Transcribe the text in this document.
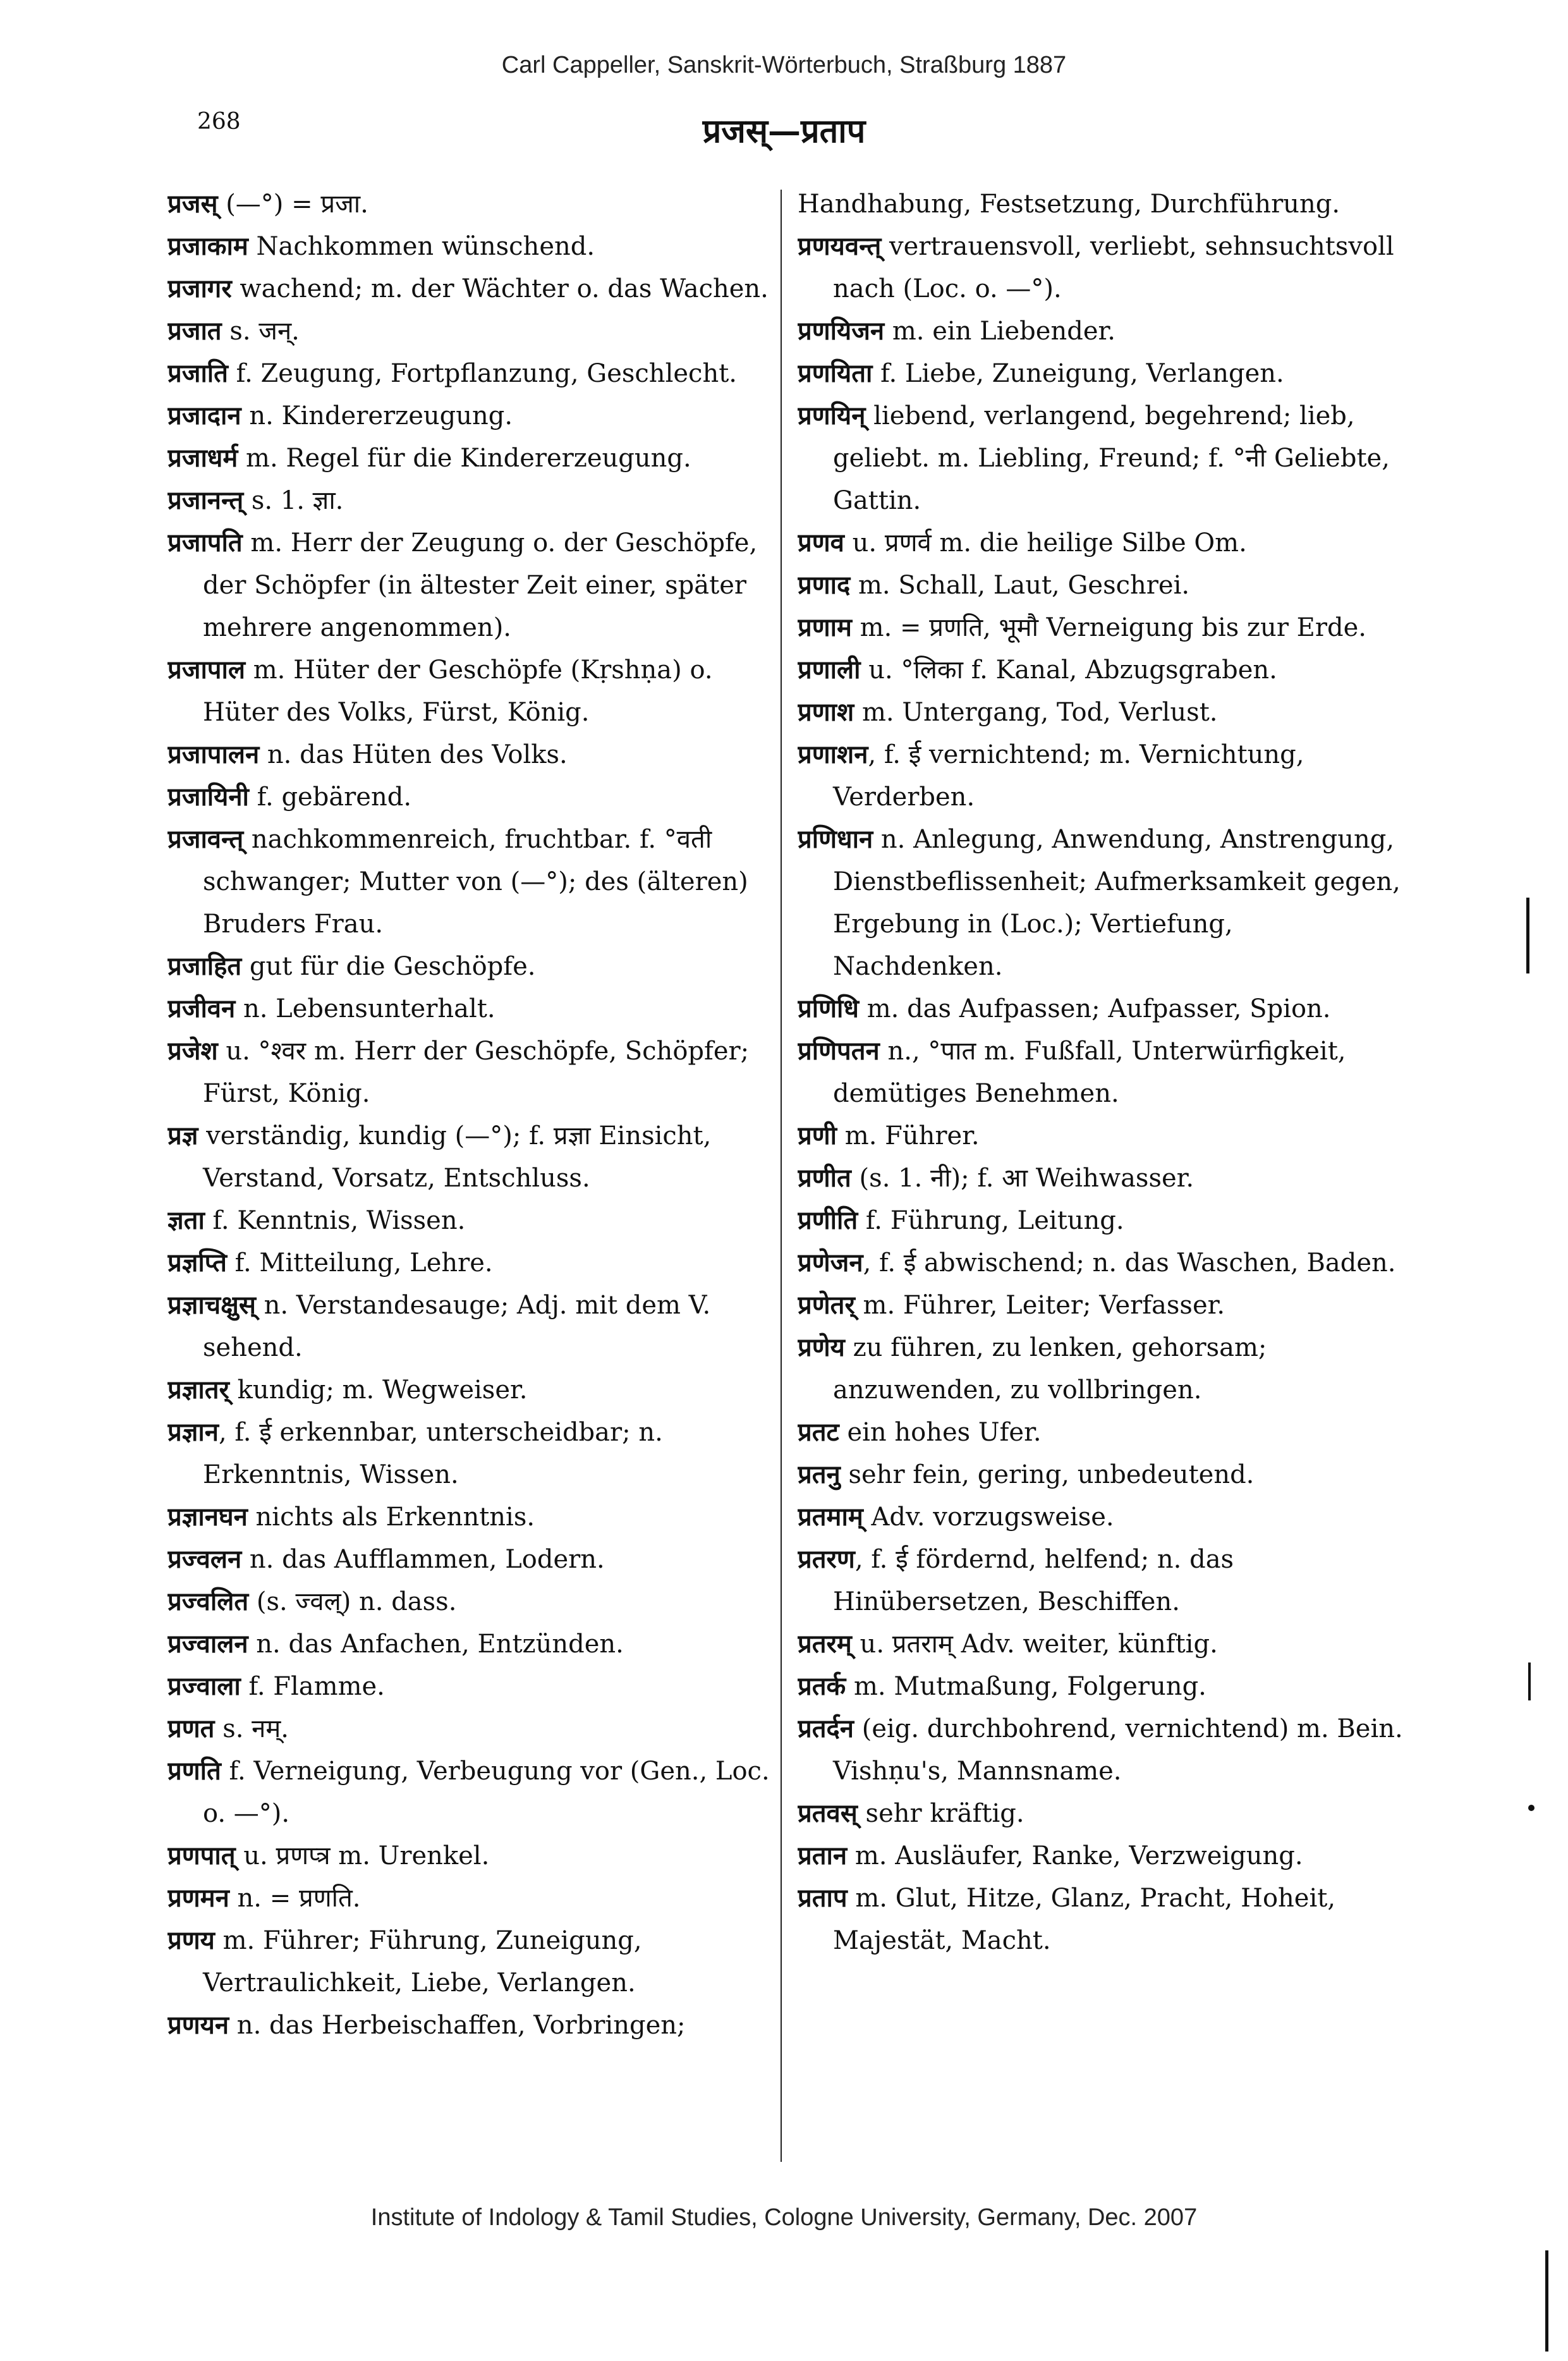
Carl Cappeller, Sanskrit-Wörterbuch, Straßburg 1887
268	प्रजस्—प्रताप

प्रजस् (—°) = प्रजा.

प्रजाकाम Nachkommen wünschend.

प्रजागर wachend; m. der Wächter o. das Wachen.

प्रजात s. जन्.

प्रजाति f. Zeugung, Fortpflanzung, Geschlecht.

प्रजादान n. Kindererzeugung.

प्रजाधर्म m. Regel für die Kindererzeugung.

प्रजानन्त् s. 1. ज्ञा.

प्रजापति m. Herr der Zeugung o. der Geschöpfe, der Schöpfer (in ältester Zeit einer, später mehrere angenommen).

प्रजापाल m. Hüter der Geschöpfe (Kṛshṇa) o. Hüter des Volks, Fürst, König.

प्रजापालन n. das Hüten des Volks.

प्रजायिनी f. gebärend.

प्रजावन्त् nachkommenreich, fruchtbar. f. °वती schwanger; Mutter von (—°); des (älteren) Bruders Frau.

प्रजाहित gut für die Geschöpfe.

प्रजीवन n. Lebensunterhalt.

प्रजेश u. °श्वर m. Herr der Geschöpfe, Schöpfer; Fürst, König.

प्रज्ञ verständig, kundig (—°); f. प्रज्ञा Einsicht, Verstand, Vorsatz, Entschluss.

ज्ञता f. Kenntnis, Wissen.

प्रज्ञप्ति f. Mitteilung, Lehre.

प्रज्ञाचक्षुस् n. Verstandesauge; Adj. mit dem V. sehend.

प्रज्ञातर् kundig; m. Wegweiser.

प्रज्ञान, f. ई erkennbar, unterscheidbar; n. Erkenntnis, Wissen.

प्रज्ञानघन nichts als Erkenntnis.

प्रज्वलन n. das Aufflammen, Lodern.

प्रज्वलित (s. ज्वल्) n. dass.

प्रज्वालन n. das Anfachen, Entzünden.

प्रज्वाला f. Flamme.

प्रणत s. नम्.

प्रणति f. Verneigung, Verbeugung vor (Gen., Loc. o. —°).

प्रणपात् u. प्रणप्त्र m. Urenkel.

प्रणमन n. = प्रणति.

प्रणय m. Führer; Führung, Zuneigung, Vertraulichkeit, Liebe, Verlangen.

प्रणयन n. das Herbeischaffen, Vorbringen;

Handhabung, Festsetzung, Durchführung.

प्रणयवन्त् vertrauensvoll, verliebt, sehnsuchtsvoll nach (Loc. o. —°).

प्रणयिजन m. ein Liebender.

प्रणयिता f. Liebe, Zuneigung, Verlangen.

प्रणयिन् liebend, verlangend, begehrend; lieb, geliebt. m. Liebling, Freund; f. °नी Geliebte, Gattin.

प्रणव u. प्रणर्व m. die heilige Silbe Om.

प्रणाद m. Schall, Laut, Geschrei.

प्रणाम m. = प्रणति, भूमौ Verneigung bis zur Erde.

प्रणाली u. °लिका f. Kanal, Abzugsgraben.

प्रणाश m. Untergang, Tod, Verlust.

प्रणाशन, f. ई vernichtend; m. Vernichtung, Verderben.

प्रणिधान n. Anlegung, Anwendung, Anstrengung, Dienstbeflissenheit; Aufmerksamkeit gegen, Ergebung in (Loc.); Vertiefung, Nachdenken.

प्रणिधि m. das Aufpassen; Aufpasser, Spion.

प्रणिपतन n., °पात m. Fußfall, Unterwürfigkeit, demütiges Benehmen.

प्रणी m. Führer.

प्रणीत (s. 1. नी); f. आ Weihwasser.

प्रणीति f. Führung, Leitung.

प्रणेजन, f. ई abwischend; n. das Waschen, Baden.

प्रणेतर् m. Führer, Leiter; Verfasser.

प्रणेय zu führen, zu lenken, gehorsam; anzuwenden, zu vollbringen.

प्रतट ein hohes Ufer.

प्रतनु sehr fein, gering, unbedeutend.

प्रतमाम् Adv. vorzugsweise.

प्रतरण, f. ई fördernd, helfend; n. das Hinübersetzen, Beschiffen.

प्रतरम् u. प्रतराम् Adv. weiter, künftig.

प्रतर्क m. Mutmaßung, Folgerung.

प्रतर्दन (eig. durchbohrend, vernichtend) m. Bein. Vishṇu's, Mannsname.

प्रतवस् sehr kräftig.

प्रतान m. Ausläufer, Ranke, Verzweigung.

प्रताप m. Glut, Hitze, Glanz, Pracht, Hoheit, Majestät, Macht.

Institute of Indology & Tamil Studies, Cologne University, Germany, Dec. 2007
